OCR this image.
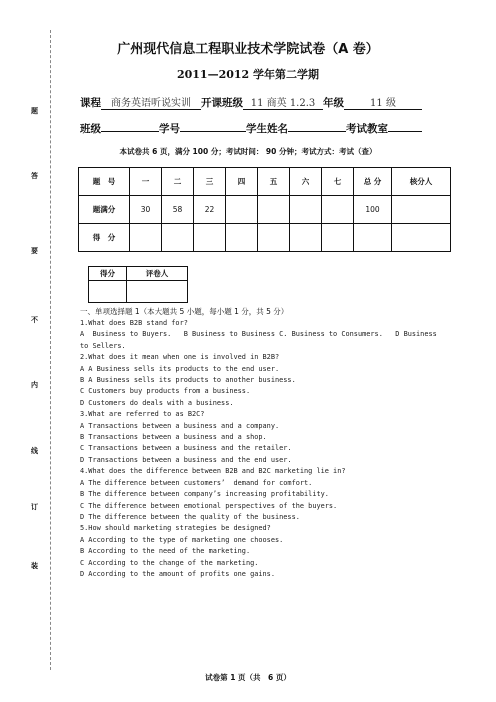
题
答
要
不
内
线
订
装
广州现代信息工程职业技术学院试卷（A 卷）
2011—2012 学年第二学期
课程 商务英语听说实训 开课班级 11 商英 1.2.3 年级	11 级
班级	学号	学生姓名	考试教室
本试卷共 6 页，满分 100 分；考试时间： 90 分钟；考试方式：考试（查）
题　号	一	二	三	四	五	六	七	总 分	核分人
题满分	30	58	22					100	
得　分									
得分	评卷人

一、单项选择题 1（本大题共 5 小题，每小题 1 分，共 5 分）
1.What does B2B stand for?
A  Business to Buyers.   B Business to Business C. Business to Consumers.   D Business
to Sellers.
2.What does it mean when one is involved in B2B?
A A Business sells its products to the end user.
B A Business sells its products to another business.
C Customers buy products from a business.
D Customers do deals with a business.
3.What are referred to as B2C?
A Transactions between a business and a company.
B Transactions between a business and a shop.
C Transactions between a business and the retailer.
D Transactions between a business and the end user.
4.What does the difference between B2B and B2C marketing lie in?
A The difference between customers’  demand for comfort.
B The difference between company’s increasing profitability.
C The difference between emotional perspectives of the buyers.
D The difference between the quality of the business.
5.How should marketing strategies be designed?
A According to the type of marketing one chooses.
B According to the need of the marketing.
C According to the change of the marketing.
D According to the amount of profits one gains.
试卷第 1 页（共　6 页）
